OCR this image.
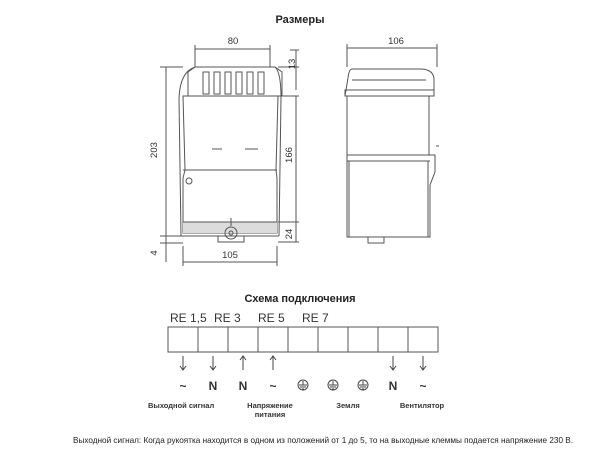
Размеры
80
13
203	166
24
4	105
106
Схема подключения
RE 1,5 RE 3 RE 5 RE 7
~ N N ~	N ~
Выходной сигнал	Напряжение
питания
Земля	Вентилятор
Выходной сигнал: Когда рукоятка находится в одном из положений от 1 до 5, то на выходные клеммы подается напряжение 230 В.
